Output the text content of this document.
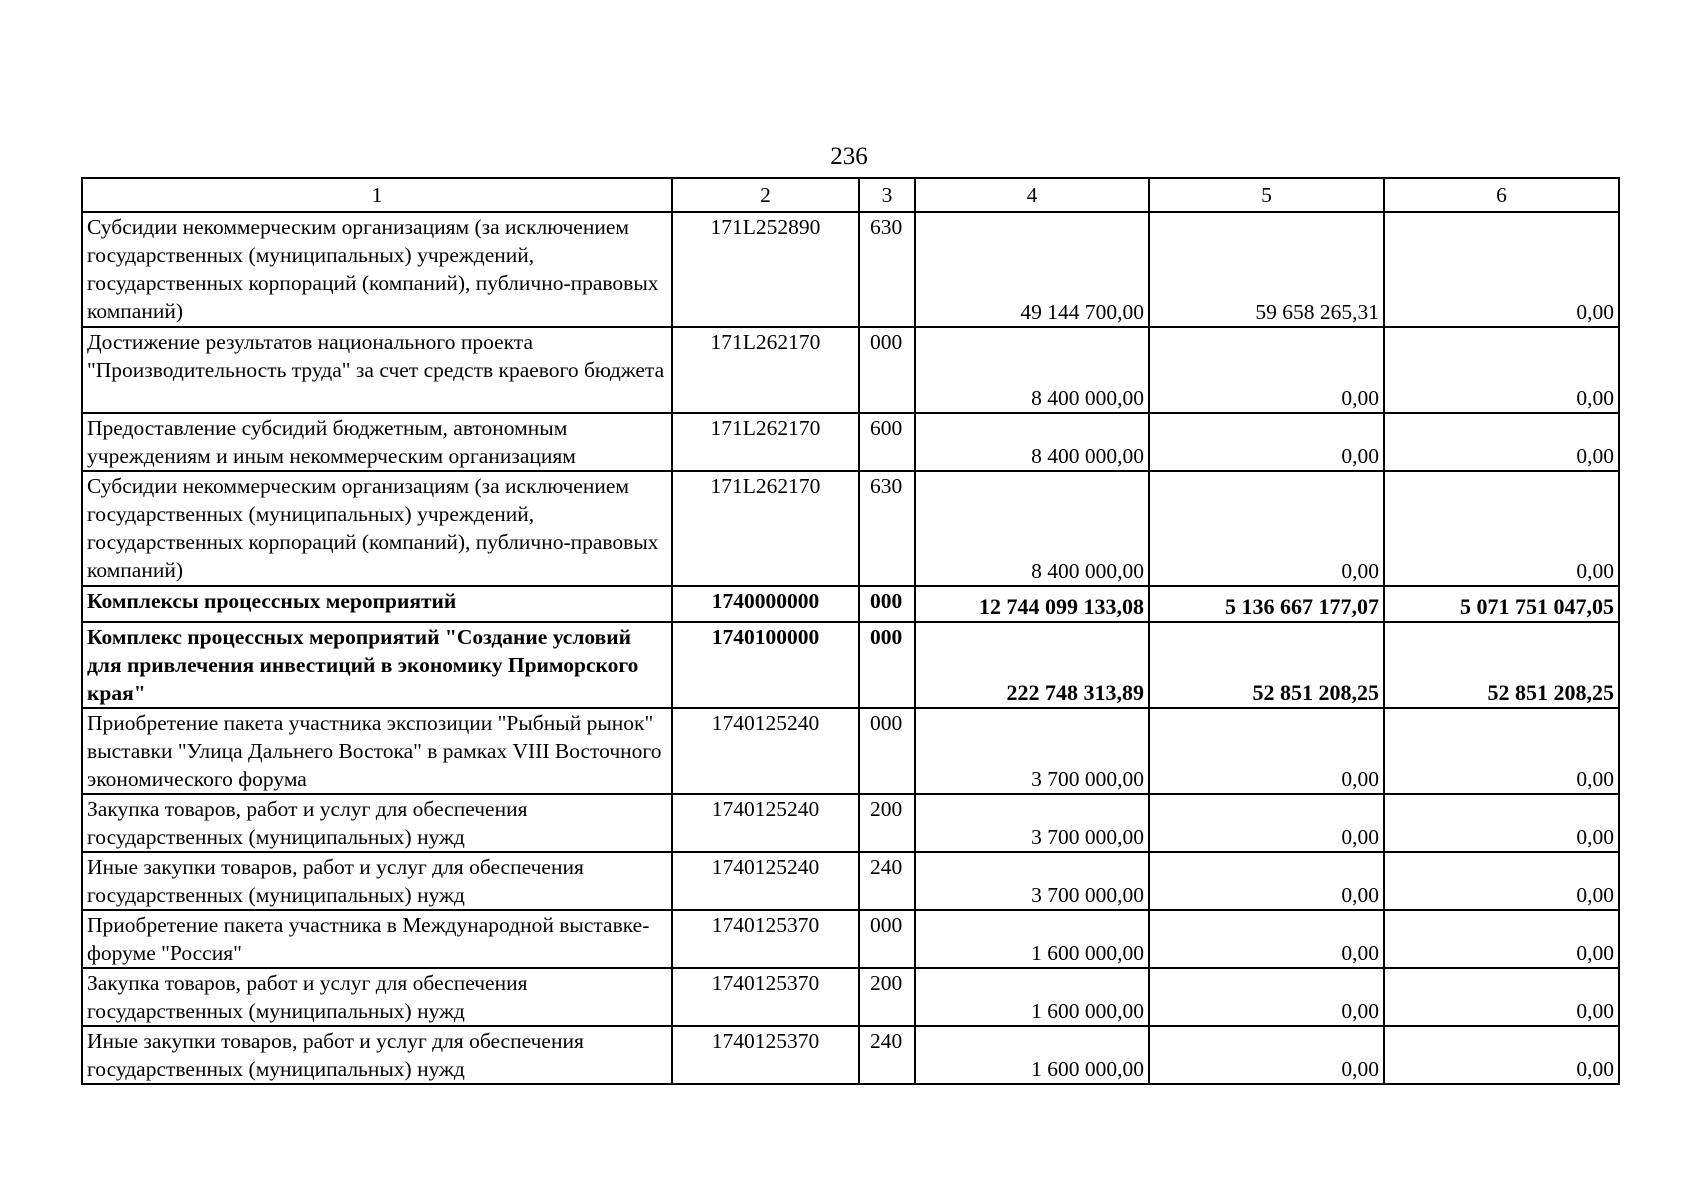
236
1	2	3	4	5	6
Субсидии некоммерческим организациям (за исключением государственных (муниципальных) учреждений, государственных корпораций (компаний), публично-правовых компаний)	171L252890	630	49 144 700,00	59 658 265,31	0,00
Достижение результатов национального проекта "Производительность труда" за счет средств краевого бюджета	171L262170	000	8 400 000,00	0,00	0,00
Предоставление субсидий бюджетным, автономным учреждениям и иным некоммерческим организациям	171L262170	600	8 400 000,00	0,00	0,00
Субсидии некоммерческим организациям (за исключением государственных (муниципальных) учреждений, государственных корпораций (компаний), публично-правовых компаний)	171L262170	630	8 400 000,00	0,00	0,00
Комплексы процессных мероприятий	1740000000	000	12 744 099 133,08	5 136 667 177,07	5 071 751 047,05
Комплекс процессных мероприятий "Создание условий для привлечения инвестиций в экономику Приморского края"	1740100000	000	222 748 313,89	52 851 208,25	52 851 208,25
Приобретение пакета участника экспозиции "Рыбный рынок" выставки "Улица Дальнего Востока" в рамках VIII Восточного экономического форума	1740125240	000	3 700 000,00	0,00	0,00
Закупка товаров, работ и услуг для обеспечения государственных (муниципальных) нужд	1740125240	200	3 700 000,00	0,00	0,00
Иные закупки товаров, работ и услуг для обеспечения государственных (муниципальных) нужд	1740125240	240	3 700 000,00	0,00	0,00
Приобретение пакета участника в Международной выставке-форуме "Россия"	1740125370	000	1 600 000,00	0,00	0,00
Закупка товаров, работ и услуг для обеспечения государственных (муниципальных) нужд	1740125370	200	1 600 000,00	0,00	0,00
Иные закупки товаров, работ и услуг для обеспечения государственных (муниципальных) нужд	1740125370	240	1 600 000,00	0,00	0,00
